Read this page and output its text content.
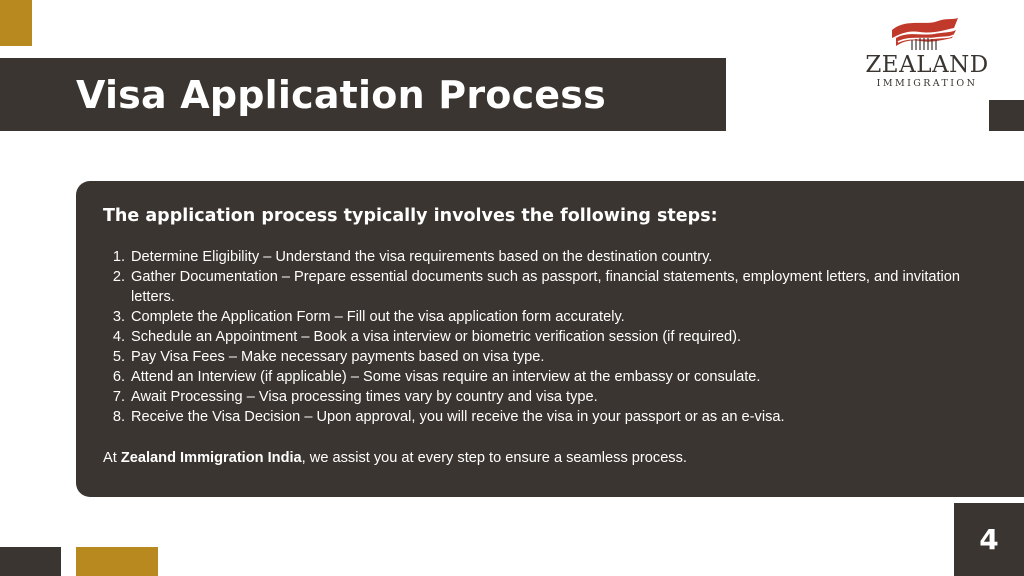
Visa Application Process
ZEALAND
IMMIGRATION
The application process typically involves the following steps:
1. Determine Eligibility – Understand the visa requirements based on the destination country.
2. Gather Documentation – Prepare essential documents such as passport, financial statements, employment letters, and invitation letters.
3. Complete the Application Form – Fill out the visa application form accurately.
4. Schedule an Appointment – Book a visa interview or biometric verification session (if required).
5. Pay Visa Fees – Make necessary payments based on visa type.
6. Attend an Interview (if applicable) – Some visas require an interview at the embassy or consulate.
7. Await Processing – Visa processing times vary by country and visa type.
8. Receive the Visa Decision – Upon approval, you will receive the visa in your passport or as an e-visa.

At Zealand Immigration India, we assist you at every step to ensure a seamless process.

4
